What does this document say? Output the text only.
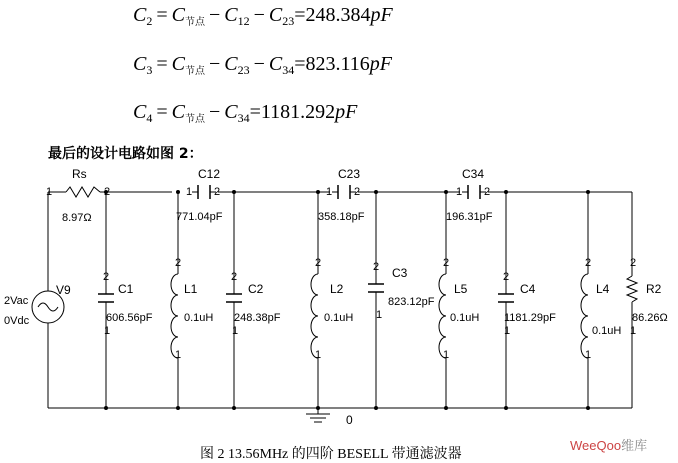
$C_2 = C_{节点} - C_{12} - C_{23}=248.384pF$
$C_3 = C_{节点} - C_{23} - C_{34}=823.116pF$
$C_4 = C_{节点} - C_{34}=1181.292pF$
最后的设计电路如图 2：
Rs
1	2
8.97Ω
C12
1 2
771.04pF
C23
1 2
358.18pF
C34
1 2
196.31pF
V9
2Vac
0Vdc
2
C1
606.56pF
1
2
L1
0.1uH
1
2
C2
248.38pF
1
2
L2
0.1uH
1
2 C3
823.12pF
1
2
L5
0.1uH
1
2
C4
1181.29pF
1
2
L4
0.1uH
1
2
R2
86.26Ω
1
0
图 2 13.56MHz 的四阶 BESELL 带通滤波器
WeeQoo维库
